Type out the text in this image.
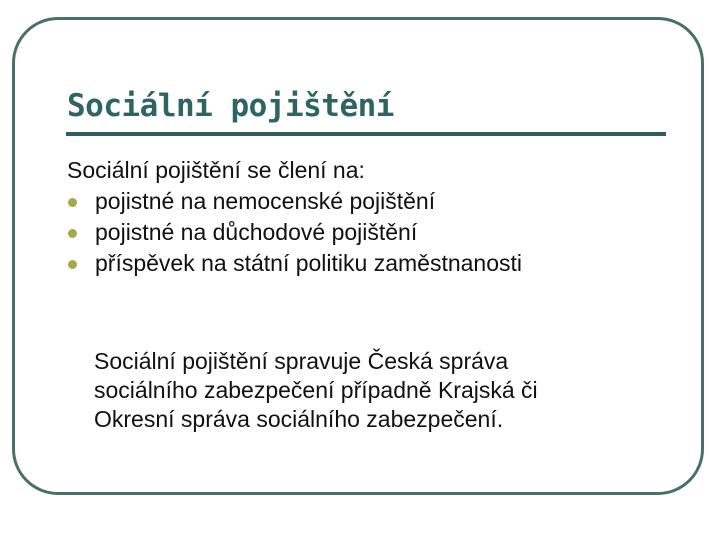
Sociální pojištění
Sociální pojištění se člení na:
pojistné na nemocenské pojištění
pojistné na důchodové pojištění
příspěvek na státní politiku zaměstnanosti
Sociální pojištění spravuje Česká správa
sociálního zabezpečení případně Krajská či
Okresní správa sociálního zabezpečení.
